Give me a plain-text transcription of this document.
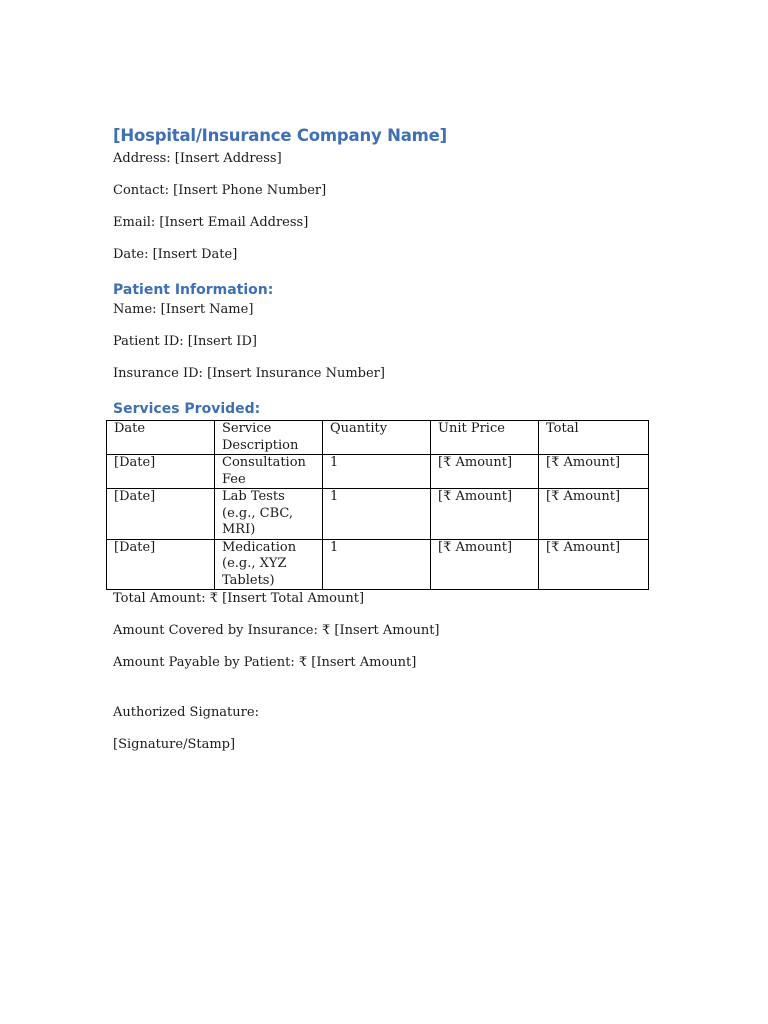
[Hospital/Insurance Company Name]

Address: [Insert Address]

Contact: [Insert Phone Number]

Email: [Insert Email Address]

Date: [Insert Date]

Patient Information:

Name: [Insert Name]

Patient ID: [Insert ID]

Insurance ID: [Insert Insurance Number]

Services Provided:
Date	Service Description	Quantity	Unit Price	Total
[Date]	Consultation Fee	1	[₹ Amount]	[₹ Amount]
[Date]	Lab Tests (e.g., CBC, MRI)	1	[₹ Amount]	[₹ Amount]
[Date]	Medication (e.g., XYZ Tablets)	1	[₹ Amount]	[₹ Amount]

Total Amount: ₹ [Insert Total Amount]

Amount Covered by Insurance: ₹ [Insert Amount]

Amount Payable by Patient: ₹ [Insert Amount]

Authorized Signature:

[Signature/Stamp]
